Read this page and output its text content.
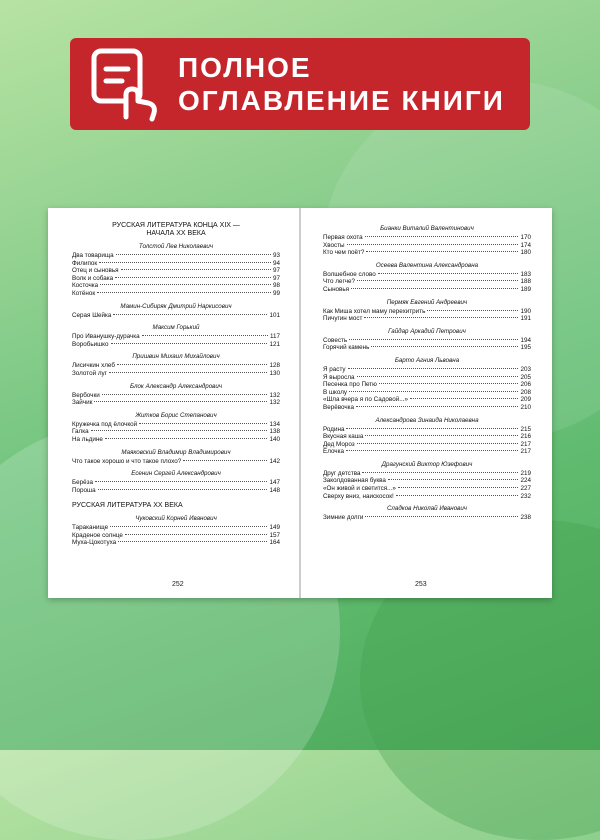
ПОЛНОЕ
ОГЛАВЛЕНИЕ КНИГИ
РУССКАЯ ЛИТЕРАТУРА КОНЦА XIX —
НАЧАЛА XX ВЕКА
Толстой Лев Николаевич
Два товарища	93
Филипок	94
Отец и сыновья	97
Волк и собака	97
Косточка	98
Котёнок	99
Мамин-Сибиряк Дмитрий Наркисович
Серая Шейка	101
Максим Горький
Про Иванушку-дурачка	117
Воробьишко	121
Пришвин Михаил Михайлович
Лисичкин хлеб	128
Золотой луг	130
Блок Александр Александрович
Вербочки	132
Зайчик	132
Житков Борис Степанович
Кружечка под ёлочкой	134
Галка	138
На льдине	140
Маяковский Владимир Владимирович
Что такое хорошо и что такое плохо?	142
Есенин Сергей Александрович
Берёза	147
Пороша	148
РУССКАЯ ЛИТЕРАТУРА XX ВЕКА
Чуковский Корней Иванович
Тараканище	149
Краденое солнце	157
Муха-Цокотуха	164
252
Бианки Виталий Валентинович
Первая охота	170
Хвосты	174
Кто чем поёт?	180
Осеева Валентина Александровна
Волшебное слово	183
Что легче?	188
Сыновья	189
Пермяк Евгений Андреевич
Как Миша хотел маму перехитрить	190
Пичугин мост	191
Гайдар Аркадий Петрович
Совесть	194
Горячий камень	195
Барто Агния Львовна
Я расту	203
Я выросла	205
Песенка про Петю	206
В школу	208
«Шла вчера я по Садовой...»	209
Верёвочка	210
Александрова Зинаида Николаевна
Родина	215
Вкусная каша	216
Дед Мороз	217
Ёлочка	217
Драгунский Виктор Юзефович
Друг детства	219
Заколдованная буква	224
«Он живой и светится...»	227
Сверху вниз, наискосок!	232
Сладков Николай Иванович
Зимние долги	238
253
